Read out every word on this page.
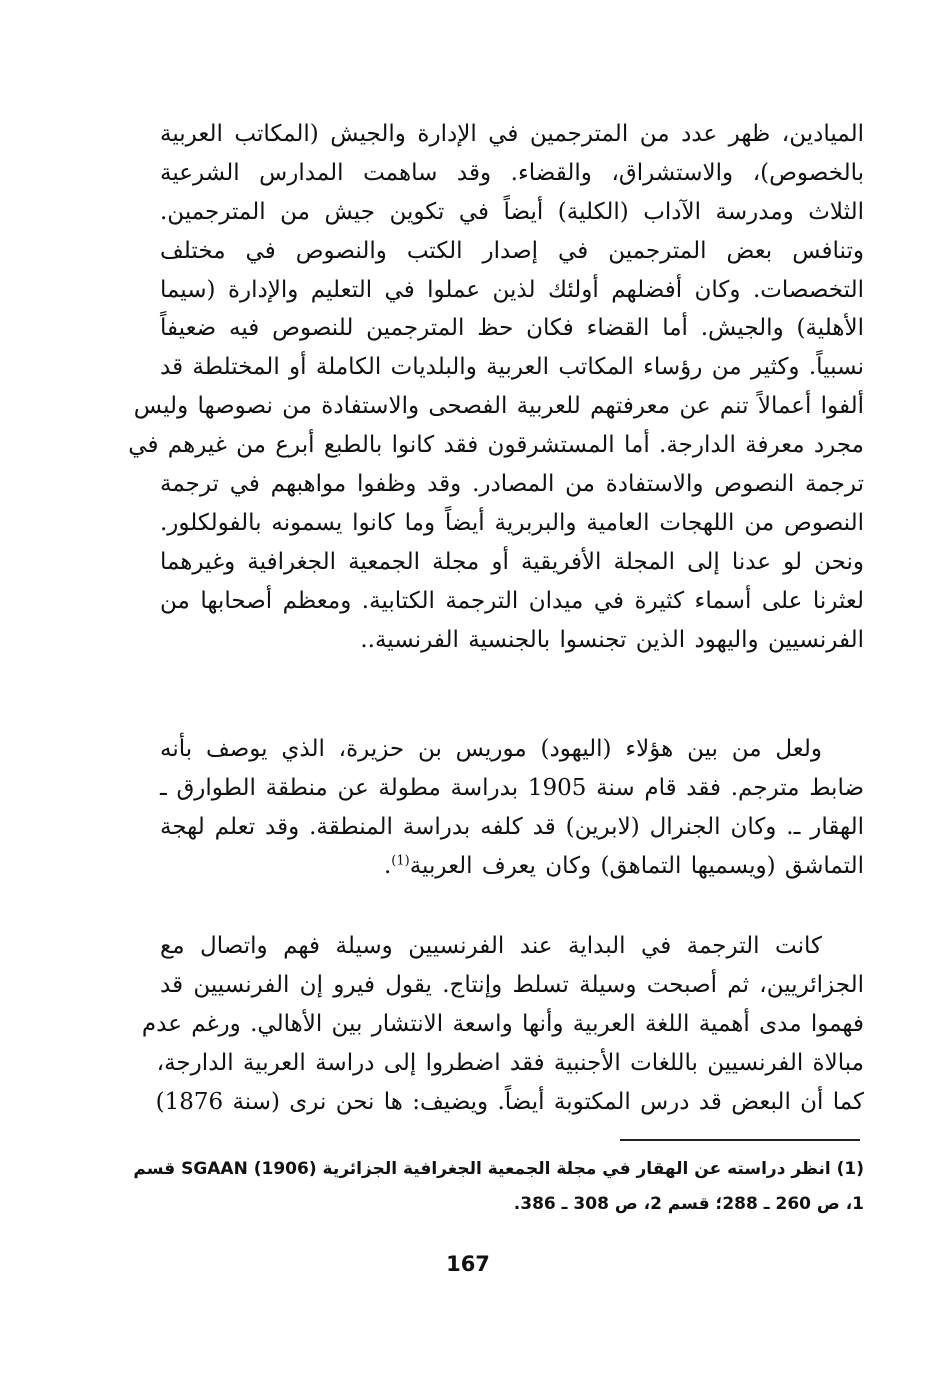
الميادين، ظهر عدد من المترجمين في الإدارة والجيش (المكاتب العربية
بالخصوص)، والاستشراق، والقضاء. وقد ساهمت المدارس الشرعية
الثلاث ومدرسة الآداب (الكلية) أيضاً في تكوين جيش من المترجمين.
وتنافس بعض المترجمين في إصدار الكتب والنصوص في مختلف
التخصصات. وكان أفضلهم أولئك لذين عملوا في التعليم والإدارة (سيما
الأهلية) والجيش. أما القضاء فكان حظ المترجمين للنصوص فيه ضعيفاً
نسبياً. وكثير من رؤساء المكاتب العربية والبلديات الكاملة أو المختلطة قد
ألفوا أعمالاً تنم عن معرفتهم للعربية الفصحى والاستفادة من نصوصها وليس
مجرد معرفة الدارجة. أما المستشرقون فقد كانوا بالطبع أبرع من غيرهم في
ترجمة النصوص والاستفادة من المصادر. وقد وظفوا مواهبهم في ترجمة
النصوص من اللهجات العامية والبربرية أيضاً وما كانوا يسمونه بالفولكلور.
ونحن لو عدنا إلى المجلة الأفريقية أو مجلة الجمعية الجغرافية وغيرهما
لعثرنا على أسماء كثيرة في ميدان الترجمة الكتابية. ومعظم أصحابها من
الفرنسيين واليهود الذين تجنسوا بالجنسية الفرنسية..
ولعل من بين هؤلاء (اليهود) موريس بن حزيرة، الذي يوصف بأنه
ضابط مترجم. فقد قام سنة 1905 بدراسة مطولة عن منطقة الطوارق ـ
الهقار ـ. وكان الجنرال (لابرين) قد كلفه بدراسة المنطقة. وقد تعلم لهجة
التماشق (ويسميها التماهق) وكان يعرف العربية$^{(1)}$.
كانت الترجمة في البداية عند الفرنسيين وسيلة فهم واتصال مع
الجزائريين، ثم أصبحت وسيلة تسلط وإنتاج. يقول فيرو إن الفرنسيين قد
فهموا مدى أهمية اللغة العربية وأنها واسعة الانتشار بين الأهالي. ورغم عدم
مبالاة الفرنسيين باللغات الأجنبية فقد اضطروا إلى دراسة العربية الدارجة،
كما أن البعض قد درس المكتوبة أيضاً. ويضيف: ها نحن نرى (سنة 1876)
(1) انظر دراسته عن الهقار في مجلة الجمعية الجغرافية الجزائرية SGAAN (1906) قسم
1، ص 260 ـ 288؛ قسم 2، ص 308 ـ 386.
167
